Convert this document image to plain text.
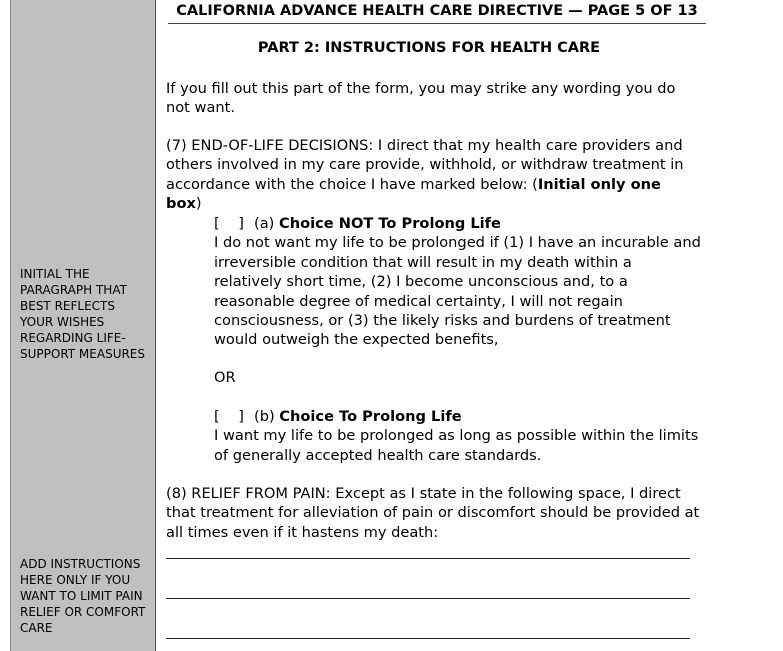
INITIAL THE PARAGRAPH THAT BEST REFLECTS YOUR WISHES REGARDING LIFE-SUPPORT MEASURES
ADD INSTRUCTIONS HERE ONLY IF YOU WANT TO LIMIT PAIN RELIEF OR COMFORT CARE
CALIFORNIA ADVANCE HEALTH CARE DIRECTIVE — PAGE 5 OF 13
PART 2: INSTRUCTIONS FOR HEALTH CARE
If you fill out this part of the form, you may strike any wording you do not want.
(7) END-OF-LIFE DECISIONS: I direct that my health care providers and others involved in my care provide, withhold, or withdraw treatment in accordance with the choice I have marked below: (Initial only one box)
[    ] (a) Choice NOT To Prolong Life
I do not want my life to be prolonged if (1) I have an incurable and irreversible condition that will result in my death within a relatively short time, (2) I become unconscious and, to a reasonable degree of medical certainty, I will not regain consciousness, or (3) the likely risks and burdens of treatment would outweigh the expected benefits,
OR
[    ] (b) Choice To Prolong Life
I want my life to be prolonged as long as possible within the limits of generally accepted health care standards.
(8) RELIEF FROM PAIN: Except as I state in the following space, I direct that treatment for alleviation of pain or discomfort should be provided at all times even if it hastens my death:
